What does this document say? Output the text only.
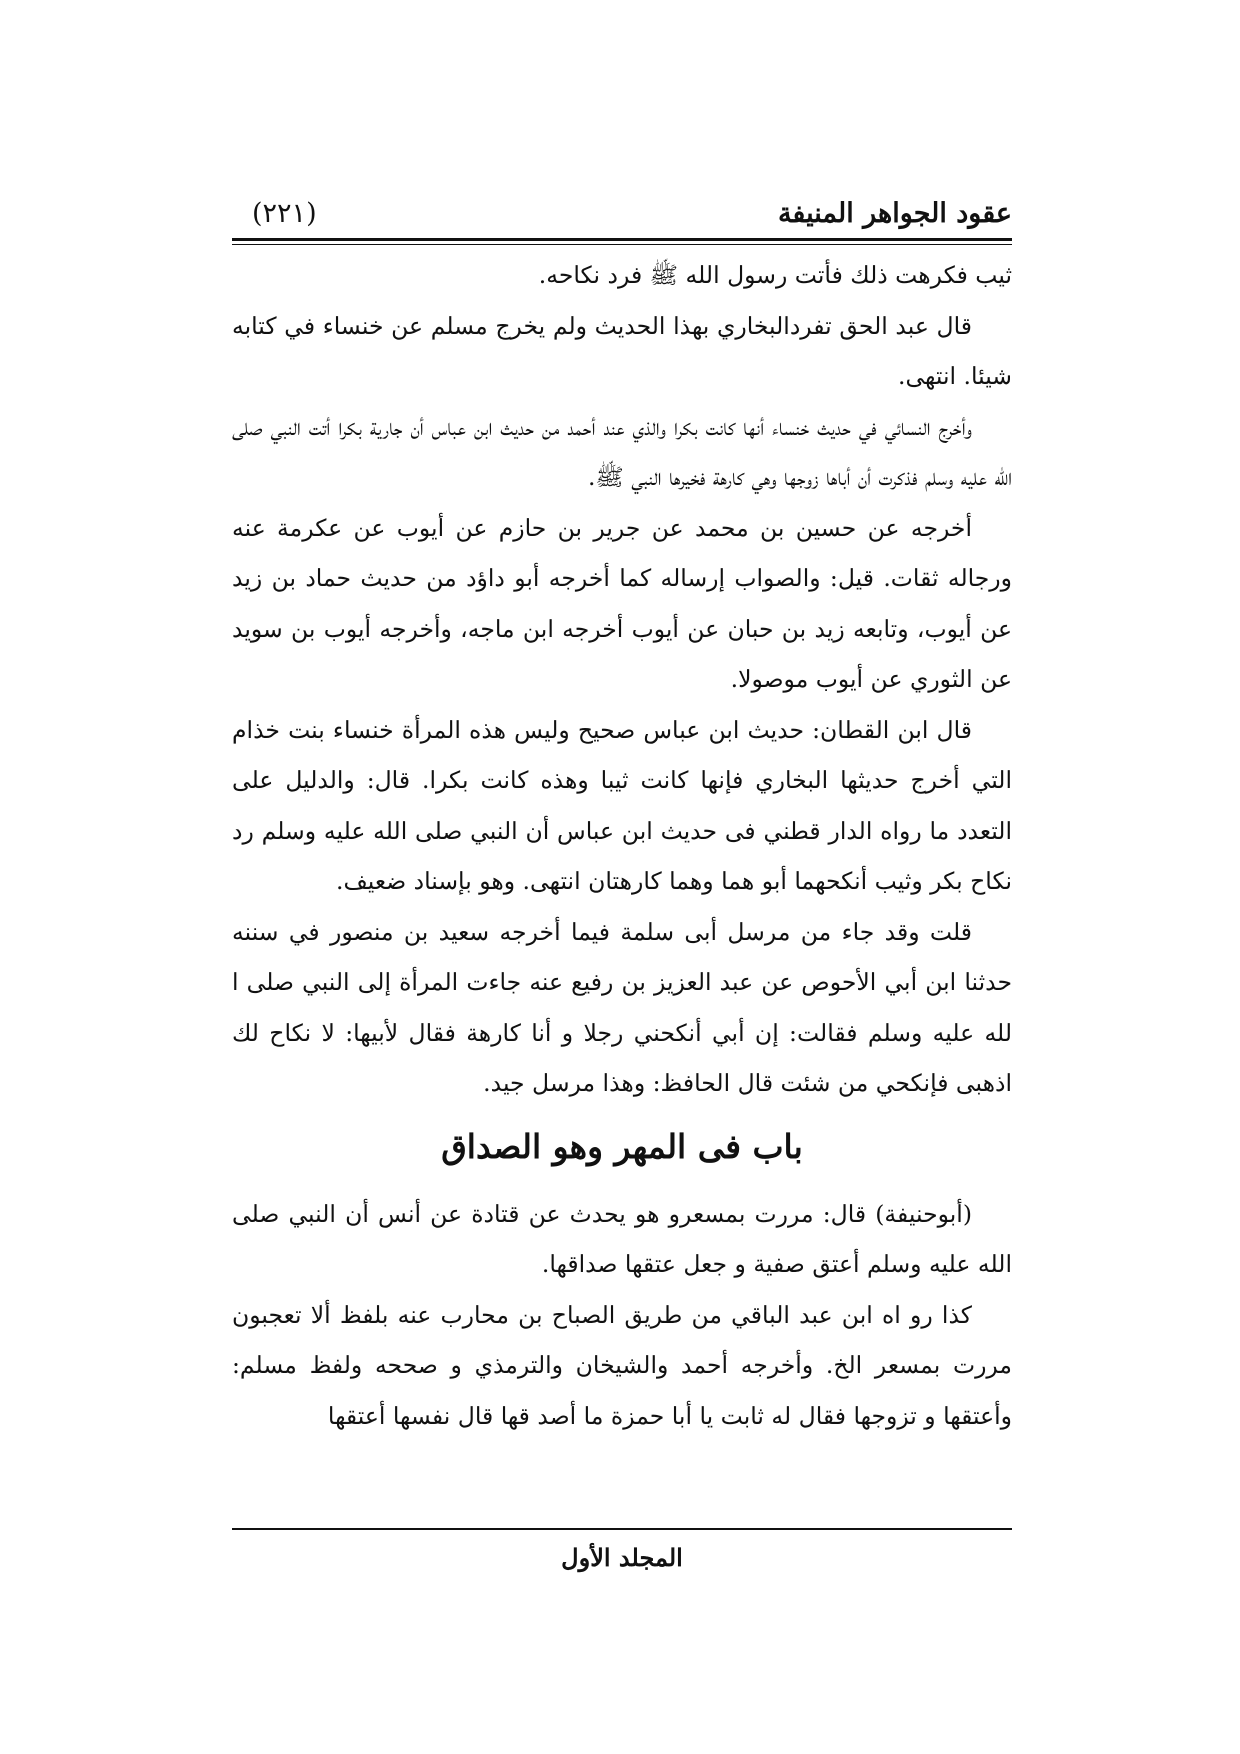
عقود الجواهر المنيفة
(٢٢١)

ثيب فكرهت ذلك فأتت رسول الله ﷺ فرد نكاحه.

قال عبد الحق تفردالبخاري بهذا الحديث ولم يخرج مسلم عن خنساء في كتابه شيئا. انتهى.

وأخرج النسائي في حديث خنساء أنها كانت بكرا والذي عند أحمد من حديث ابن عباس أن جارية بكرا أتت النبي صلى الله عليه وسلم فذكرت أن أباها زوجها وهي كارهة فخيرها النبي ﷺ.

أخرجه عن حسين بن محمد عن جرير بن حازم عن أيوب عن عكرمة عنه ورجاله ثقات. قيل: والصواب إرساله كما أخرجه أبو داؤد من حديث حماد بن زيد عن أيوب، وتابعه زيد بن حبان عن أيوب أخرجه ابن ماجه، وأخرجه أيوب بن سويد عن الثوري عن أيوب موصولا.

قال ابن القطان: حديث ابن عباس صحيح وليس هذه المرأة خنساء بنت خذام التي أخرج حديثها البخاري فإنها كانت ثيبا وهذه كانت بكرا. قال: والدليل على التعدد ما رواه الدار قطني فى حديث ابن عباس أن النبي صلى الله عليه وسلم رد نكاح بكر وثيب أنكحهما أبو هما وهما كارهتان انتهى. وهو بإسناد ضعيف.

قلت وقد جاء من مرسل أبى سلمة فيما أخرجه سعيد بن منصور في سننه حدثنا ابن أبي الأحوص عن عبد العزيز بن رفيع عنه جاءت المرأة إلى النبي صلى ا لله عليه وسلم فقالت: إن أبي أنكحني رجلا و أنا كارهة فقال لأبيها: لا نكاح لك اذهبى فإنكحي من شئت قال الحافظ: وهذا مرسل جيد.

باب فى المهر وهو الصداق

(أبوحنيفة) قال: مررت بمسعرو هو يحدث عن قتادة عن أنس أن النبي صلى الله عليه وسلم أعتق صفية و جعل عتقها صداقها.

كذا رو اه ابن عبد الباقي من طريق الصباح بن محارب عنه بلفظ ألا تعجبون مررت بمسعر الخ. وأخرجه أحمد والشيخان والترمذي و صححه ولفظ مسلم: وأعتقها و تزوجها فقال له ثابت يا أبا حمزة ما أصد قها قال نفسها أعتقها

المجلد الأول
